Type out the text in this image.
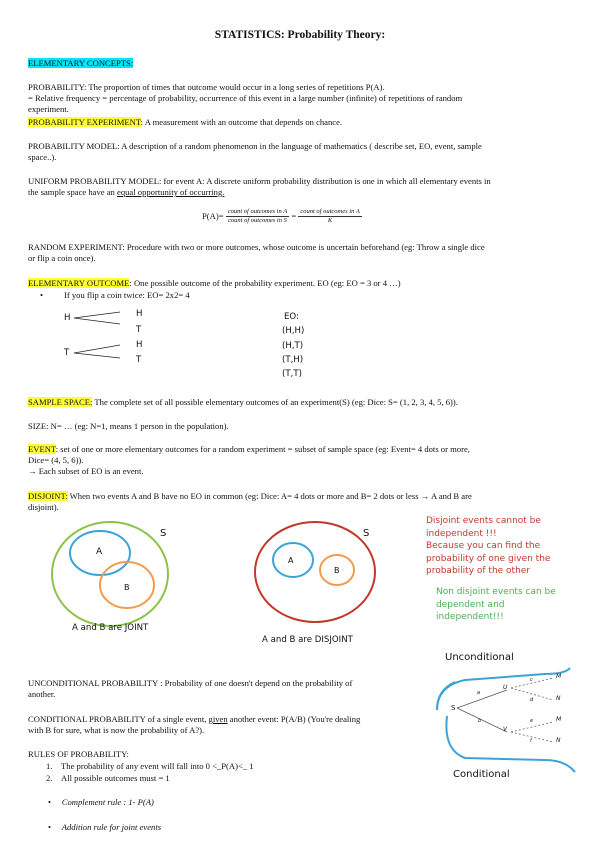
STATISTICS: Probability Theory:
ELEMENTARY CONCEPTS:
PROBABILITY: The proportion of times that outcome would occur in a long series of repetitions P(A).
= Relative frequency = percentage of probability, occurrence of this event in a large number (infinite) of repetitions of random
experiment.
PROBABILITY EXPERIMENT: A measurement with an outcome that depends on chance.
PROBABILITY MODEL: A description of a random phenomenon in the language of mathematics ( describe set, EO, event, sample
space..).
UNIFORM PROBABILITY MODEL: for event A: A discrete uniform probability distribution is one in which all elementary events in
the sample space have an equal opportunity of occurring.
$P(A)= \frac{\text{count of outcomes in A}}{\text{count of outcomes in S}} = \frac{\text{count of outcomes in A}}{K}$
RANDOM EXPERIMENT: Procedure with two or more outcomes, whose outcome is uncertain beforehand (eg: Throw a single dice
or flip a coin once).
ELEMENTARY OUTCOME: One possible outcome of the probability experiment. EO (eg: EO = 3 or 4 …)
If you flip a coin twice: EO= 2x2= 4
H
T
H
T
H
T
EO:
(H,H)
(H,T)
(T,H)
(T,T)
SAMPLE SPACE: The complete set of all possible elementary outcomes of an experiment(S) (eg: Dice: S= (1, 2, 3, 4, 5, 6)).
SIZE: N= … (eg: N=1, means 1 person in the population).
EVENT: set of one or more elementary outcomes for a random experiment = subset of sample space (eg: Event= 4 dots or more,
Dice= (4, 5, 6)).
→ Each subset of EO is an event.
DISJOINT: When two events A and B have no EO in common (eg: Dice: A= 4 dots or more and B= 2 dots or less → A and B are
disjoint).
S
A
B
A and B are JOINT
S
A
B
A and B are DISJOINT
Disjoint events cannot be
independent !!!
Because you can find the
probability of one given the
probability of the other
Non disjoint events can be
dependent and
independent!!!
UNCONDITIONAL PROBABILITY : Probability of one doesn't depend on the probability of
another.
CONDITIONAL PROBABILITY of a single event, given another event: P(A/B) (You're dealing
with B for sure, what is now the probability of A?).
Unconditional
Conditional
S
U
V
M
N
M
N
a
b
c
d
e
f
RULES OF PROBABILITY:
1. The probability of any event will fall into 0 <_P(A)<_ 1
2. All possible outcomes must = 1
•     Complement rule : 1- P(A)
•     Addition rule for joint events
